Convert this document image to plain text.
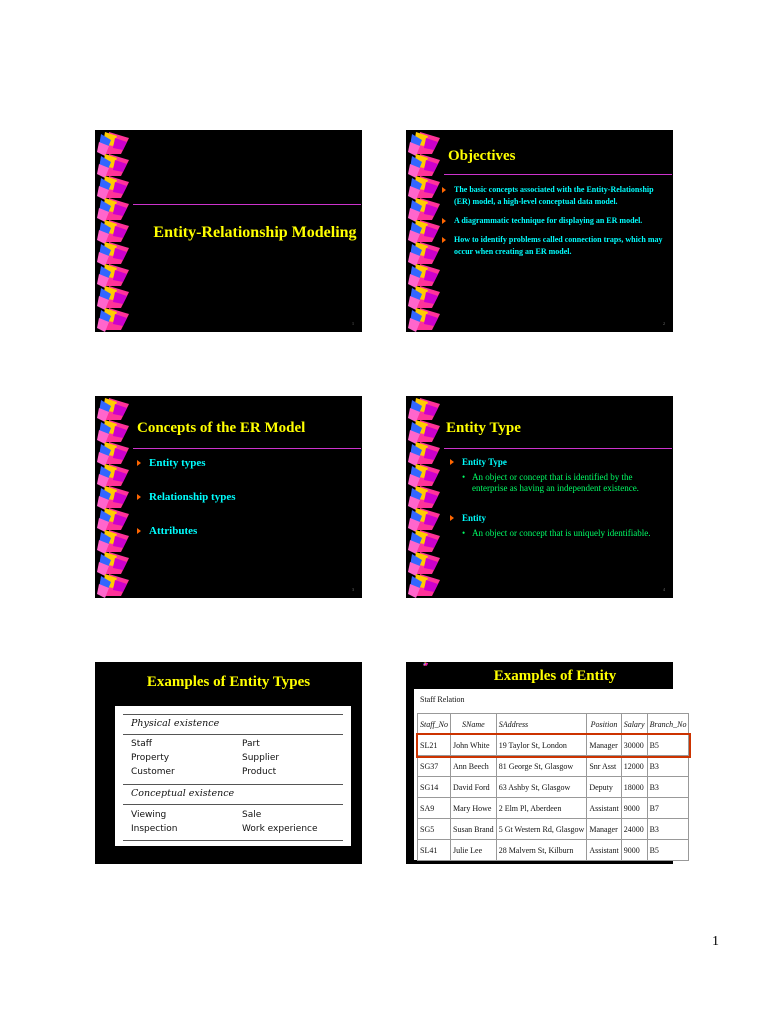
Entity-Relationship Modeling
1
Objectives
The basic concepts associated with the Entity-Relationship (ER) model, a high-level conceptual data model.
A diagrammatic technique for displaying an ER model.
How to identify problems called connection traps, which may occur when creating an ER model.
2
Concepts of the ER Model
Entity types
Relationship types
Attributes
3
Entity Type
Entity Type
• An object or concept that is identified by the enterprise as having an independent existence.
Entity
• An object or concept that is uniquely identifiable.
4
Examples of Entity Types
Physical existence
Staff	Part
Property	Supplier
Customer	Product
Conceptual existence
Viewing	Sale
Inspection	Work experience
Examples of Entity
Staff Relation
Staff_No	SName	SAddress	Position	Salary	Branch_No
SL21	John White	19 Taylor St, London	Manager	30000	B5
SG37	Ann Beech	81 George St, Glasgow	Snr Asst	12000	B3
SG14	David Ford	63 Ashby St, Glasgow	Deputy	18000	B3
SA9	Mary Howe	2 Elm Pl, Aberdeen	Assistant	9000	B7
SG5	Susan Brand	5 Gt Western Rd, Glasgow	Manager	24000	B3
SL41	Julie Lee	28 Malvern St, Kilburn	Assistant	9000	B5
1
